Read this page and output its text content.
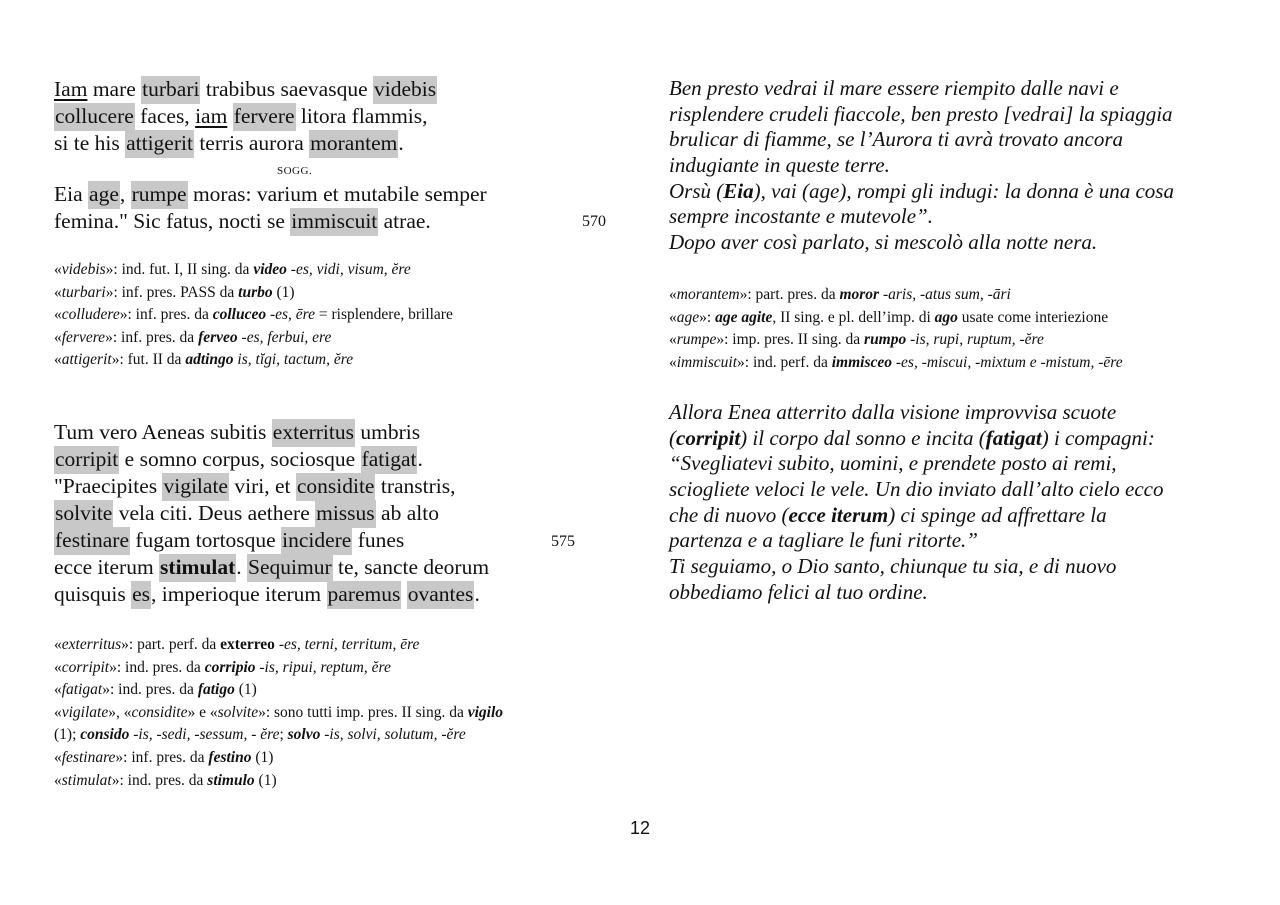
Iam mare turbari trabibus saevasque videbis
collucere faces, iam fervere litora flammis,
si te his attigerit terris aurora morantem.
SOGG.
Eia age, rumpe moras: varium et mutabile semper
femina." Sic fatus, nocti se immiscuit atrae.	570
«videbis»: ind. fut. I, II sing. da video -es, vidi, visum, ĕre
«turbari»: inf. pres. PASS da turbo (1)
«colludere»: inf. pres. da colluceo -es, ēre = risplendere, brillare
«fervere»: inf. pres. da ferveo -es, ferbui, ere
«attigerit»: fut. II da adtingo is, tĭgi, tactum, ĕre
Tum vero Aeneas subitis exterritus umbris
corripit e somno corpus, sociosque fatigat.
"Praecipites vigilate viri, et considite transtris,
solvite vela citi. Deus aethere missus ab alto
festinare fugam tortosque incidere funes
ecce iterum stimulat. Sequimur te, sancte deorum
quisquis es, imperioque iterum paremus ovantes.
575
«exterritus»: part. perf. da exterreo -es, terni, territum, ēre
«corripit»: ind. pres. da corripio -is, ripui, reptum, ĕre
«fatigat»: ind. pres. da fatigo (1)
«vigilate», «considite» e «solvite»: sono tutti imp. pres. II sing. da vigilo
(1); consido -is, -sedi, -sessum, - ĕre; solvo -is, solvi, solutum, -ĕre
«festinare»: inf. pres. da festino (1)
«stimulat»: ind. pres. da stimulo (1)
Ben presto vedrai il mare essere riempito dalle navi e
risplendere crudeli fiaccole, ben presto [vedrai] la spiaggia
brulicar di fiamme, se l’Aurora ti avrà trovato ancora
indugiante in queste terre.
Orsù (Eia), vai (age), rompi gli indugi: la donna è una cosa
sempre incostante e mutevole”.
Dopo aver così parlato, si mescolò alla notte nera.
«morantem»: part. pres. da moror -aris, -atus sum, -āri
«age»: age agite, II sing. e pl. dell’imp. di ago usate come interiezione
«rumpe»: imp. pres. II sing. da rumpo -is, rupi, ruptum, -ĕre
«immiscuit»: ind. perf. da immisceo -es, -miscui, -mixtum e -mistum, -ēre
Allora Enea atterrito dalla visione improvvisa scuote
(corripit) il corpo dal sonno e incita (fatigat) i compagni:
“Svegliatevi subito, uomini, e prendete posto ai remi,
sciogliete veloci le vele. Un dio inviato dall’alto cielo ecco
che di nuovo (ecce iterum) ci spinge ad affrettare la
partenza e a tagliare le funi ritorte.”
Ti seguiamo, o Dio santo, chiunque tu sia, e di nuovo
obbediamo felici al tuo ordine.
12
